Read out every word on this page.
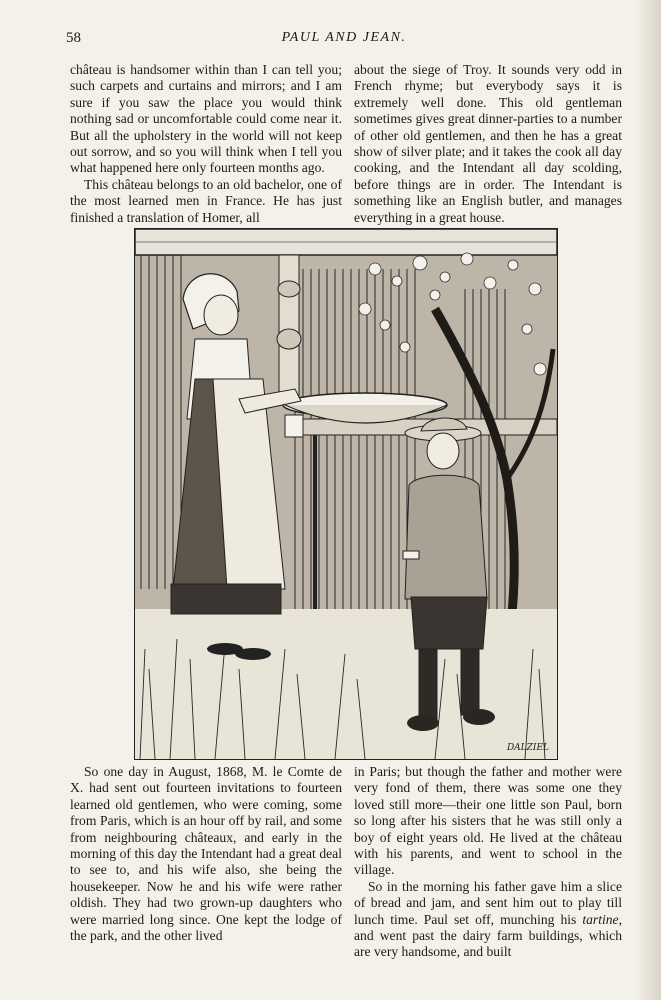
58	PAUL AND JEAN.

château is handsomer within than I can tell you; such carpets and curtains and mirrors; and I am sure if you saw the place you would think nothing sad or uncomfortable could come near it. But all the upholstery in the world will not keep out sorrow, and so you will think when I tell you what happened here only fourteen months ago.

This château belongs to an old bachelor, one of the most learned men in France. He has just finished a translation of Homer, all

about the siege of Troy. It sounds very odd in French rhyme; but everybody says it is extremely well done. This old gentleman sometimes gives great dinner-parties to a number of other old gentlemen, and then he has a great show of silver plate; and it takes the cook all day cooking, and the Intendant all day scolding, before things are in order. The Intendant is something like an English butler, and manages everything in a great house.

DALZIEL

So one day in August, 1868, M. le Comte de X. had sent out fourteen invitations to fourteen learned old gentlemen, who were coming, some from Paris, which is an hour off by rail, and some from neighbouring châteaux, and early in the morning of this day the Intendant had a great deal to see to, and his wife also, she being the housekeeper. Now he and his wife were rather oldish. They had two grown-up daughters who were married long since. One kept the lodge of the park, and the other lived

in Paris; but though the father and mother were very fond of them, there was some one they loved still more—their one little son Paul, born so long after his sisters that he was still only a boy of eight years old. He lived at the château with his parents, and went to school in the village.

So in the morning his father gave him a slice of bread and jam, and sent him out to play till lunch time. Paul set off, munching his tartine, and went past the dairy farm buildings, which are very handsome, and built
